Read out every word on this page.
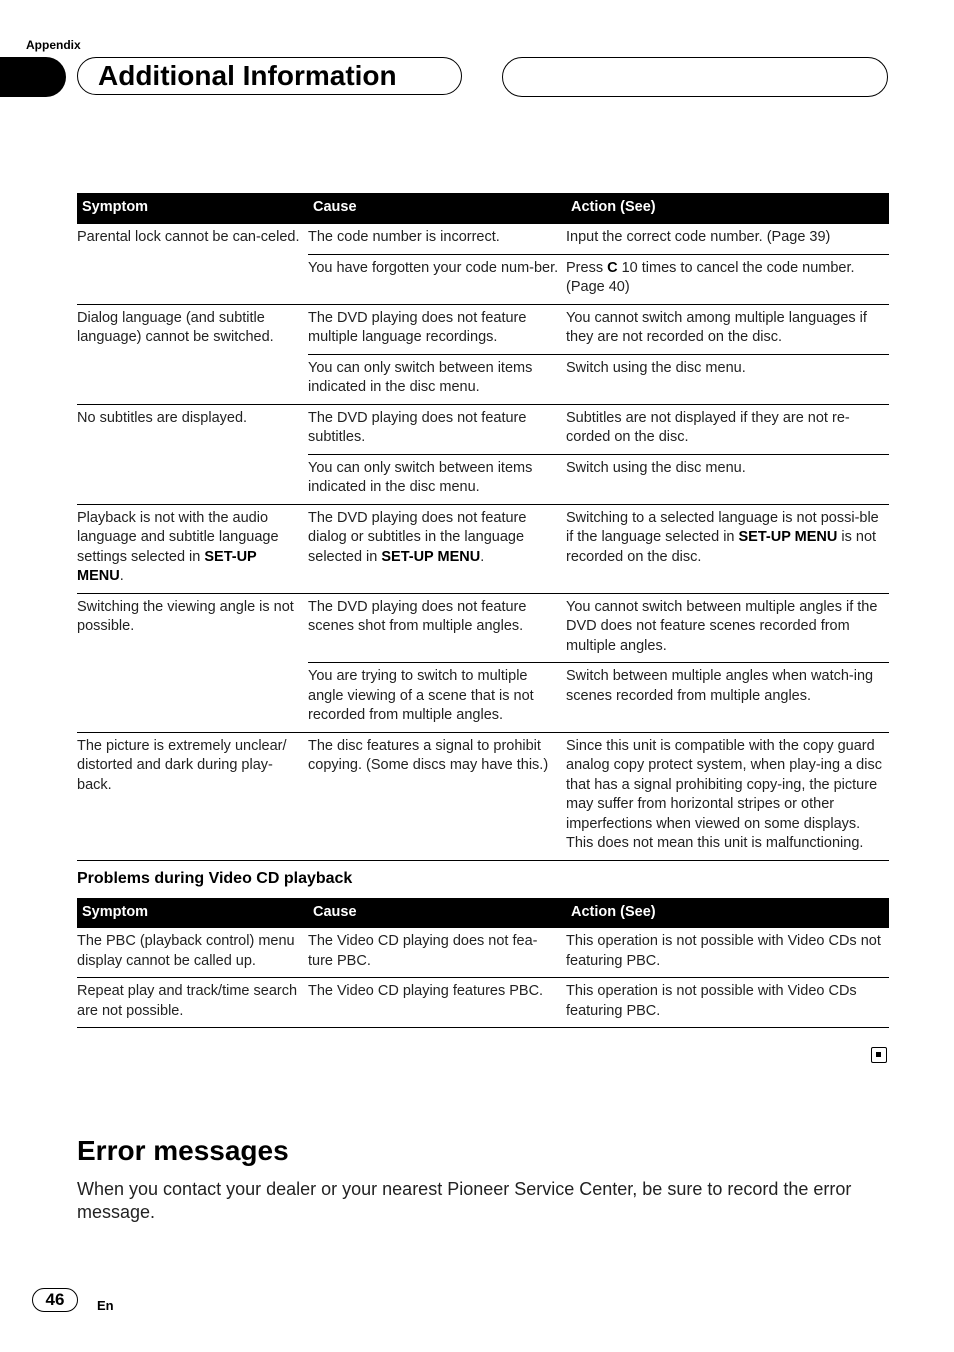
Appendix
Additional Information
Symptom	Cause	Action (See)
Parental lock cannot be can-celed.	The code number is incorrect.	Input the correct code number. (Page 39)
	You have forgotten your code num-ber.	Press C 10 times to cancel the code number. (Page 40)
Dialog language (and subtitle language) cannot be switched.	The DVD playing does not feature multiple language recordings.	You cannot switch among multiple languages if they are not recorded on the disc.
	You can only switch between items indicated in the disc menu.	Switch using the disc menu.
No subtitles are displayed.	The DVD playing does not feature subtitles.	Subtitles are not displayed if they are not re-corded on the disc.
	You can only switch between items indicated in the disc menu.	Switch using the disc menu.
Playback is not with the audio language and subtitle language settings selected in SET-UP MENU.	The DVD playing does not feature dialog or subtitles in the language selected in SET-UP MENU.	Switching to a selected language is not possi-ble if the language selected in SET-UP MENU is not recorded on the disc.
Switching the viewing angle is not possible.	The DVD playing does not feature scenes shot from multiple angles.	You cannot switch between multiple angles if the DVD does not feature scenes recorded from multiple angles.
	You are trying to switch to multiple angle viewing of a scene that is not recorded from multiple angles.	Switch between multiple angles when watch-ing scenes recorded from multiple angles.
The picture is extremely unclear/ distorted and dark during play-back.	The disc features a signal to prohibit copying. (Some discs may have this.)	Since this unit is compatible with the copy guard analog copy protect system, when play-ing a disc that has a signal prohibiting copy-ing, the picture may suffer from horizontal stripes or other imperfections when viewed on some displays. This does not mean this unit is malfunctioning.
Problems during Video CD playback
Symptom	Cause	Action (See)
The PBC (playback control) menu display cannot be called up.	The Video CD playing does not fea-ture PBC.	This operation is not possible with Video CDs not featuring PBC.
Repeat play and track/time search are not possible.	The Video CD playing features PBC.	This operation is not possible with Video CDs featuring PBC.
Error messages
When you contact your dealer or your nearest Pioneer Service Center, be sure to record the error message.
46	En
